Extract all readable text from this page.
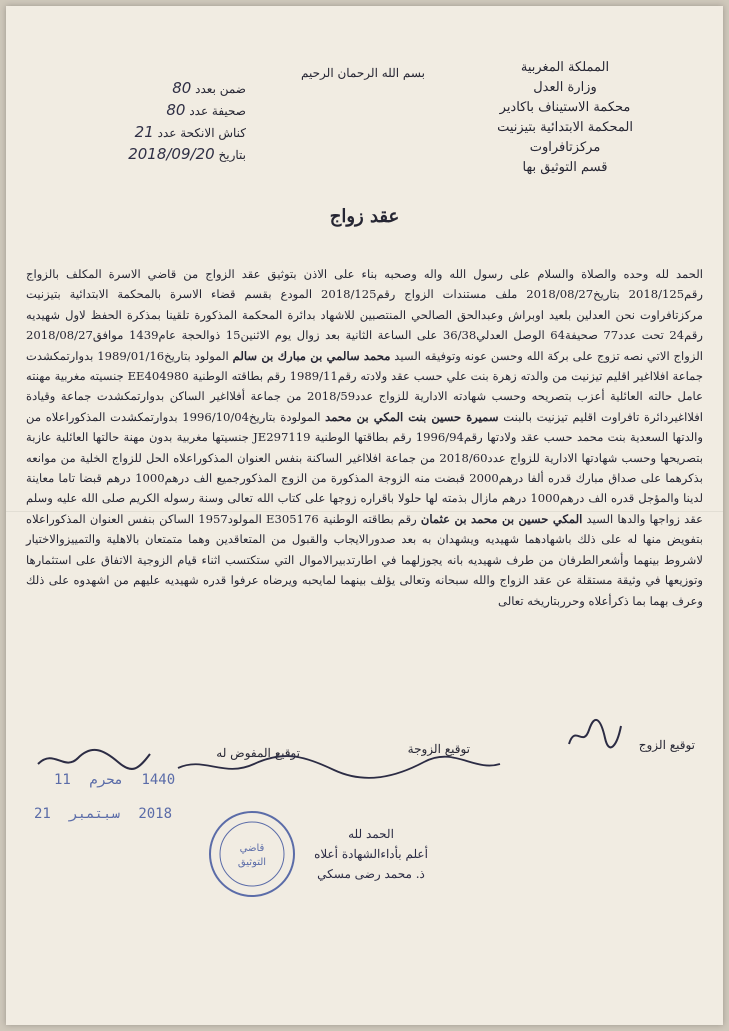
المملكة المغربية
وزارة العدل
محكمة الاستيناف باكادير
المحكمة الابتدائية بتيزنيت
مركزتافراوت
قسم التوثيق بها
بسم الله الرحمان الرحيم
ضمن بعدد 80
صحيفة عدد 80
كناش الانكحة عدد 21
بتاريخ 2018/09/20
عقد زواج

الحمد لله وحده والصلاة والسلام على رسول الله واله وصحبه بناء على الاذن بتوثيق عقد الزواج من قاضي الاسرة المكلف بالزواج رقم2018/125 بتاريخ2018/08/27 ملف مستندات الزواج رقم2018/125 المودع بقسم قضاء الاسرة بالمحكمة الابتدائية بتيزنيت مركزتافراوت نحن العدلين بلعيد اوبراش وعبدالحق الصالحي المنتصبين للاشهاد بدائرة المحكمة المذكورة تلقينا بمذكرة الحفظ لاول شهيديه رقم24 تحت عدد77 صحيفة64 الوصل العدلي36/38 على الساعة الثانية بعد زوال يوم الاثنين15 ذوالحجة عام1439 موافق2018/08/27 الزواج الاتي نصه تزوج على بركة الله وحسن عونه وتوفيقه السيد محمد سالمي بن مبارك بن سالم المولود بتاريخ1989/01/16 بدوارتمكشدت جماعة افلااغير اقليم تيزنيت من والدته زهرة بنت علي حسب عقد ولادته رقم1989/11 رقم بطاقته الوطنية EE404980 جنسيته مغربية مهنته عامل حالته العائلية أعزب بتصريحه وحسب شهادته الادارية للزواج عدد2018/59 من جماعة أفلااغير الساكن بدوارتمكشدت جماعة وقيادة افلااغيردائرة تافراوت اقليم تيزنيت بالبنت سميرة حسين بنت المكي بن محمد المولودة بتاريخ1996/10/04 بدوارتمكشدت المذكوراعلاه من والدتها السعدية بنت محمد حسب عقد ولادتها رقم1996/94 رقم بطاقتها الوطنية JE297119 جنسيتها مغربية بدون مهنة حالتها العائلية عازبة بتصريحها وحسب شهادتها الادارية للزواج عدد2018/60 من جماعة افلااغير الساكنة بنفس العنوان المذكوراعلاه الحل للزواج الخلية من موانعه بذكرهما على صداق مبارك قدره ألفا درهم2000 قبضت منه الزوجة المذكورة من الزوج المذكورجميع الف درهم1000 درهم قبضا تاما معاينة لدينا والمؤجل قدره الف درهم1000 درهم مازال بذمته لها حلولا باقراره زوجها على كتاب الله تعالى وسنة رسوله الكريم صلى الله عليه وسلم عقد زواجها والدها السيد المكي حسين بن محمد بن عثمان رقم بطاقته الوطنية E305176 المولود1957 الساكن بنفس العنوان المذكوراعلاه بتفويض منها له على ذلك باشهادهما شهيديه ويشهدان به بعد صدورالايجاب والقبول من المتعاقدين وهما متمتعان بالاهلية والتمييزوالاختيار لاشروط بينهما وأشعرالطرفان من طرف شهيديه بانه يجوزلهما في اطارتدبيرالاموال التي ستكتسب اثناء قيام الزوجية الاتفاق على استثمارها وتوزيعها في وثيقة مستقلة عن عقد الزواج والله سبحانه وتعالى يؤلف بينهما لمايحبه ويرضاه عرفوا قدره شهيديه عليهم من اشهدوه على ذلك وعرف بهما بما ذكرأعلاه وحرربتاريخه تعالى

توقيع الزوج
توقيع الزوجة
توقيع المفوض له
1440 محرم 11
2018 سبتمبر 21
قاضي
التوثيق
الحمد لله
أعلم بأداءالشهادة أعلاه
ذ. محمد رضى مسكي
